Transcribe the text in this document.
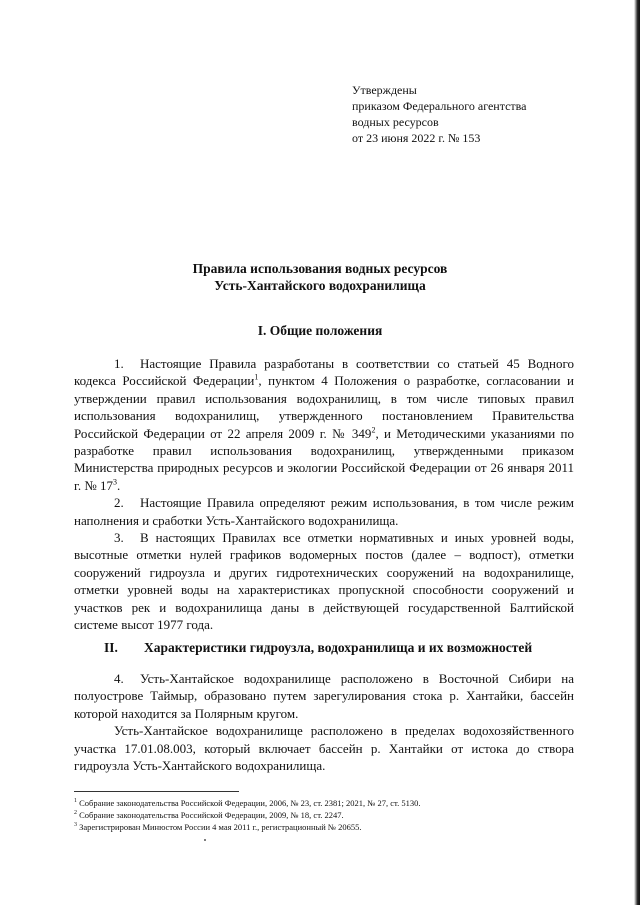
Утверждены
приказом Федерального агентства
водных ресурсов
от 23 июня 2022 г. № 153
Правила использования водных ресурсов
Усть-Хантайского водохранилища
I. Общие положения

1. Настоящие Правила разработаны в соответствии со статьей 45 Водного кодекса Российской Федерации$^1$, пунктом 4 Положения о разработке, согласовании и утверждении правил использования водохранилищ, в том числе типовых правил использования водохранилищ, утвержденного постановлением Правительства Российской Федерации от 22 апреля 2009 г. № $349^2$, и Методическими указаниями по разработке правил использования водохранилищ, утвержденными приказом Министерства природных ресурсов и экологии Российской Федерации от 26 января 2011 г. № $17^3$.

2. Настоящие Правила определяют режим использования, в том числе режим наполнения и сработки Усть-Хантайского водохранилища.

3. В настоящих Правилах все отметки нормативных и иных уровней воды, высотные отметки нулей графиков водомерных постов (далее – водпост), отметки сооружений гидроузла и других гидротехнических сооружений на водохранилище, отметки уровней воды на характеристиках пропускной способности сооружений и участков рек и водохранилища даны в действующей государственной Балтийской системе высот 1977 года.

II. Характеристики гидроузла, водохранилища и их возможностей

4. Усть-Хантайское водохранилище расположено в Восточной Сибири на полуострове Таймыр, образовано путем зарегулирования стока р. Хантайки, бассейн которой находится за Полярным кругом.

Усть-Хантайское водохранилище расположено в пределах водохозяйственного участка 17.01.08.003, который включает бассейн р. Хантайки от истока до створа гидроузла Усть-Хантайского водохранилища.

$^1$ Собрание законодательства Российской Федерации, 2006, № 23, ст. 2381; 2021, № 27, ст. 5130.
$^2$ Собрание законодательства Российской Федерации, 2009, № 18, ст. 2247.
$^3$ Зарегистрирован Минюстом России 4 мая 2011 г., регистрационный № 20655.
